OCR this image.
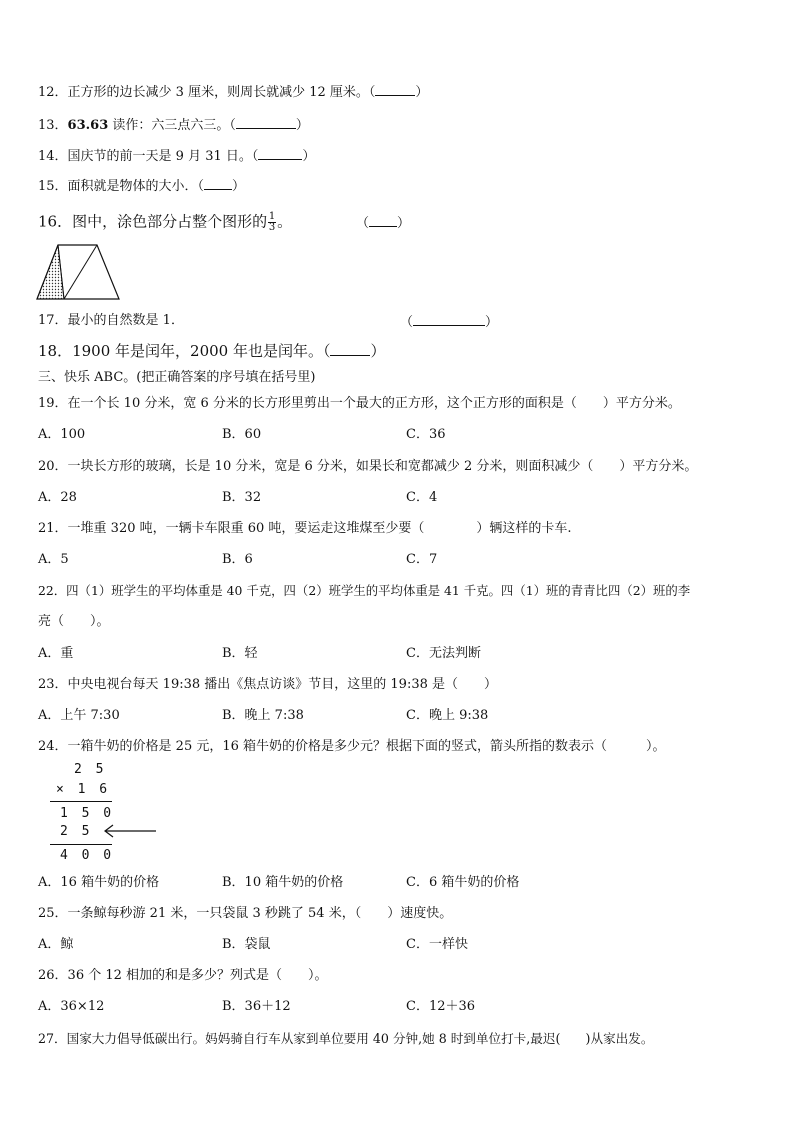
12．正方形的边长减少 3 厘米，则周长就减少 12 厘米。（	）
13．63.63 读作：六三点六三。（	）
14．国庆节的前一天是 9 月 31 日。（	）
15．面积就是物体的大小．（ ）
16．图中，涂色部分占整个图形的 $\frac{1}{3}$ 。	（ ）
17．最小的自然数是 1．	（	）
18．1900 年是闰年，2000 年也是闰年。（	）
三、快乐 ABC。(把正确答案的序号填在括号里)
19．在一个长 10 分米，宽 6 分米的长方形里剪出一个最大的正方形，这个正方形的面积是（　　）平方分米。
A．100	B．60	C．36
20．一块长方形的玻璃，长是 10 分米，宽是 6 分米，如果长和宽都减少 2 分米，则面积减少（　　）平方分米。
A．28	B．32	C．4
21．一堆重 320 吨，一辆卡车限重 60 吨，要运走这堆煤至少要（　　　　）辆这样的卡车.
A．5	B．6	C．7
22．四（1）班学生的平均体重是 40 千克，四（2）班学生的平均体重是 41 千克。四（1）班的青青比四（2）班的李
亮（　　）。
A．重	B．轻	C．无法判断
23．中央电视台每天 19:38 播出《焦点访谈》节目，这里的 19:38 是（　　）
A．上午 7:30	B．晚上 7:38	C．晚上 9:38
24．一箱牛奶的价格是 25 元，16 箱牛奶的价格是多少元？根据下面的竖式，箭头所指的数表示（　　　）。
2 5
× 1 6
1 5 0
2 5
4 0 0
A．16 箱牛奶的价格	B．10 箱牛奶的价格	C．6 箱牛奶的价格
25．一条鲸每秒游 21 米，一只袋鼠 3 秒跳了 54 米，（　　）速度快。
A．鲸	B．袋鼠	C．一样快
26．36 个 12 相加的和是多少？列式是（　　）。
A．36×12	B．36＋12	C．12＋36
27．国家大力倡导低碳出行。妈妈骑自行车从家到单位要用 40 分钟,她 8 时到单位打卡,最迟(　　)从家出发。
